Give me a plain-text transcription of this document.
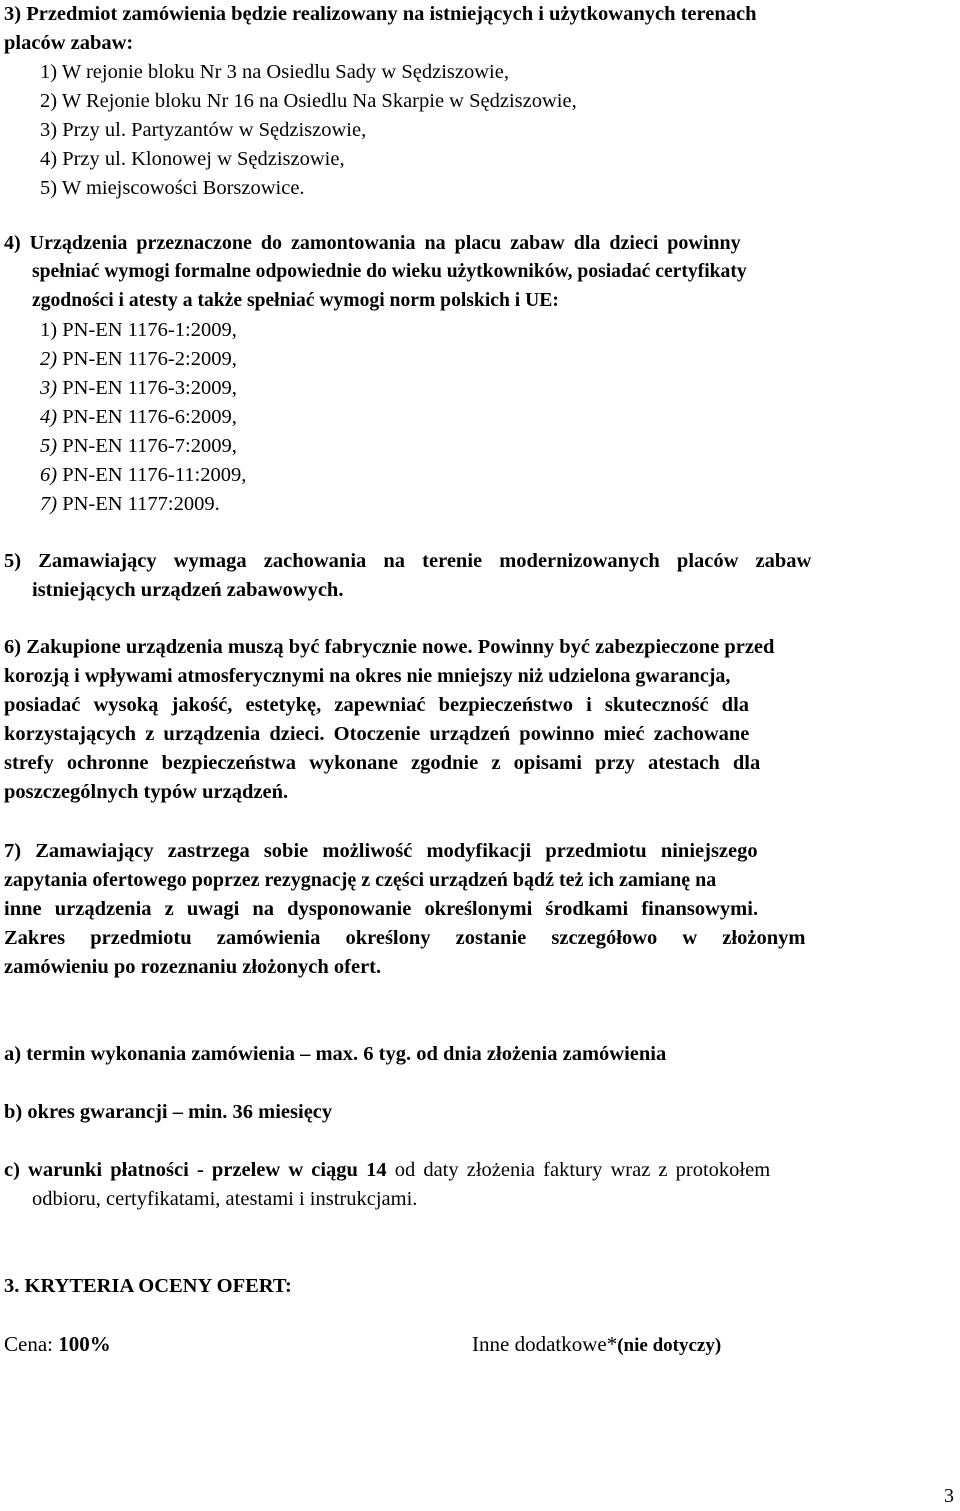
3) Przedmiot zamówienia będzie realizowany na istniejących i użytkowanych terenach

placów zabaw:

1) W rejonie bloku Nr 3 na Osiedlu Sady w Sędziszowie,
2) W Rejonie bloku Nr 16 na Osiedlu Na Skarpie w Sędziszowie,
3) Przy ul. Partyzantów w Sędziszowie,
4) Przy ul. Klonowej w Sędziszowie,
5) W miejscowości Borszowice.

4) Urządzenia przeznaczone do zamontowania na placu zabaw dla dzieci powinny

spełniać wymogi formalne odpowiednie do wieku użytkowników, posiadać certyfikaty

zgodności i atesty a także spełniać wymogi norm polskich i UE:

1) PN-EN 1176-1:2009,
2) PN-EN 1176-2:2009,
3) PN-EN 1176-3:2009,
4) PN-EN 1176-6:2009,
5) PN-EN 1176-7:2009,
6) PN-EN 1176-11:2009,
7) PN-EN 1177:2009.

5) Zamawiający wymaga zachowania na terenie modernizowanych placów zabaw

istniejących urządzeń zabawowych.

6) Zakupione urządzenia muszą być fabrycznie nowe. Powinny być zabezpieczone przed

korozją i wpływami atmosferycznymi na okres nie mniejszy niż udzielona gwarancja,

posiadać wysoką jakość, estetykę, zapewniać bezpieczeństwo i skuteczność dla

korzystających z urządzenia dzieci. Otoczenie urządzeń powinno mieć zachowane

strefy ochronne bezpieczeństwa wykonane zgodnie z opisami przy atestach dla

poszczególnych typów urządzeń.

7) Zamawiający zastrzega sobie możliwość modyfikacji przedmiotu niniejszego

zapytania ofertowego poprzez rezygnację z części urządzeń bądź też ich zamianę na

inne urządzenia z uwagi na dysponowanie określonymi środkami finansowymi.

Zakres przedmiotu zamówienia określony zostanie szczegółowo w złożonym

zamówieniu po rozeznaniu złożonych ofert.

a) termin wykonania zamówienia – max. 6 tyg. od dnia złożenia zamówienia

b) okres gwarancji – min. 36 miesięcy

c) warunki płatności - przelew w ciągu 14 od daty złożenia faktury wraz z protokołem

odbioru, certyfikatami, atestami i instrukcjami.

3. KRYTERIA OCENY OFERT:

Cena: 100%	Inne dodatkowe*(nie dotyczy)

3
